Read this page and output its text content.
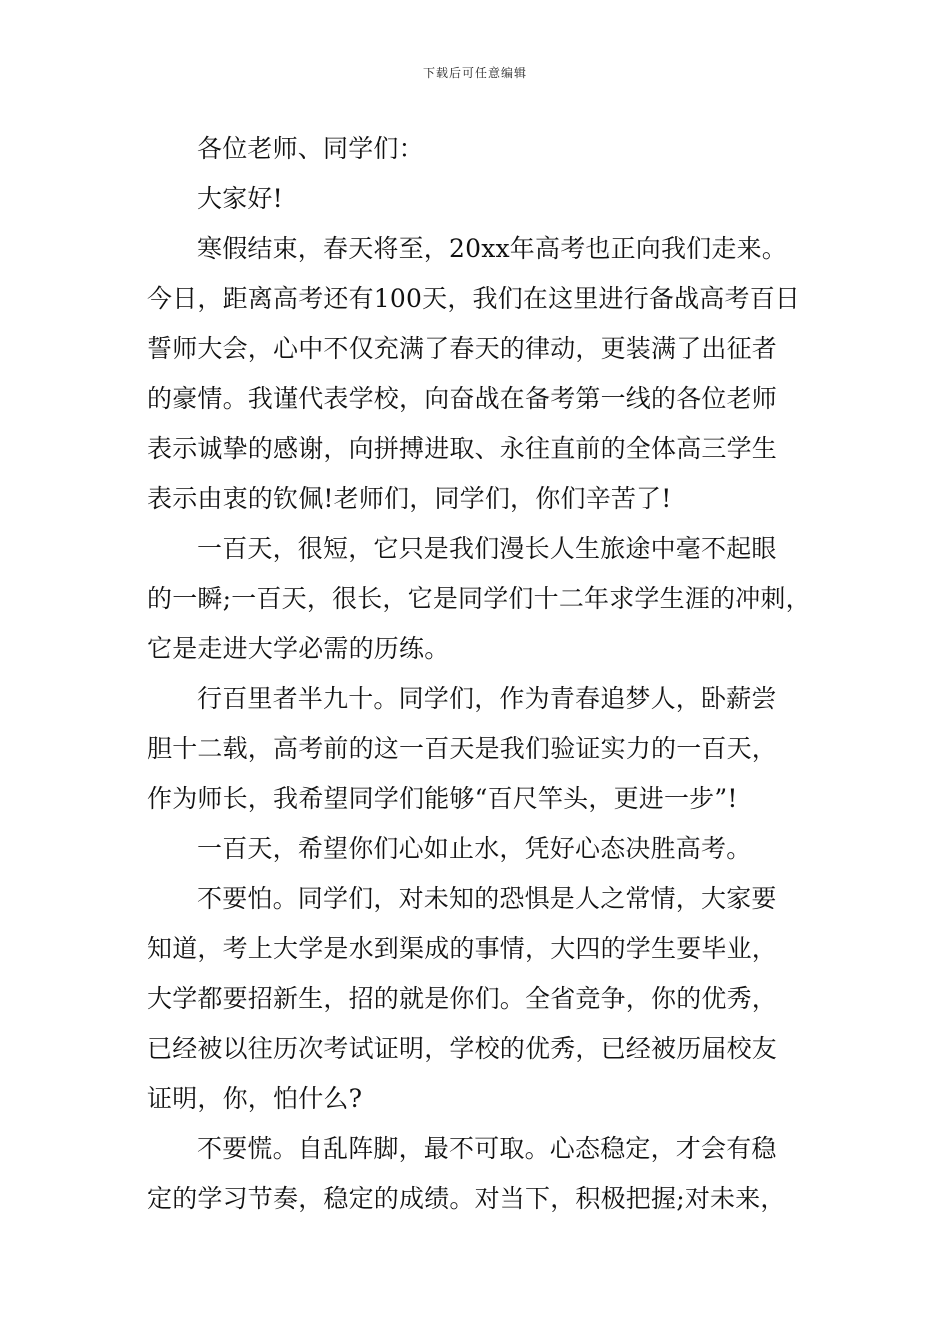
下载后可任意编辑
各位老师、同学们：
大家好!
寒假结束，春天将至，20xx年高考也正向我们走来。
今日，距离高考还有100天，我们在这里进行备战高考百日
誓师大会，心中不仅充满了春天的律动，更装满了出征者
的豪情。我谨代表学校，向奋战在备考第一线的各位老师
表示诚挚的感谢，向拼搏进取、永往直前的全体高三学生
表示由衷的钦佩!老师们，同学们，你们辛苦了!
一百天，很短，它只是我们漫长人生旅途中毫不起眼
的一瞬;一百天，很长，它是同学们十二年求学生涯的冲刺，
它是走进大学必需的历练。
行百里者半九十。同学们，作为青春追梦人，卧薪尝
胆十二载，高考前的这一百天是我们验证实力的一百天，
作为师长，我希望同学们能够“百尺竿头，更进一步”!
一百天，希望你们心如止水，凭好心态决胜高考。
不要怕。同学们，对未知的恐惧是人之常情，大家要
知道，考上大学是水到渠成的事情，大四的学生要毕业，
大学都要招新生，招的就是你们。全省竞争，你的优秀，
已经被以往历次考试证明，学校的优秀，已经被历届校友
证明，你，怕什么?
不要慌。自乱阵脚，最不可取。心态稳定，才会有稳
定的学习节奏，稳定的成绩。对当下，积极把握;对未来，
